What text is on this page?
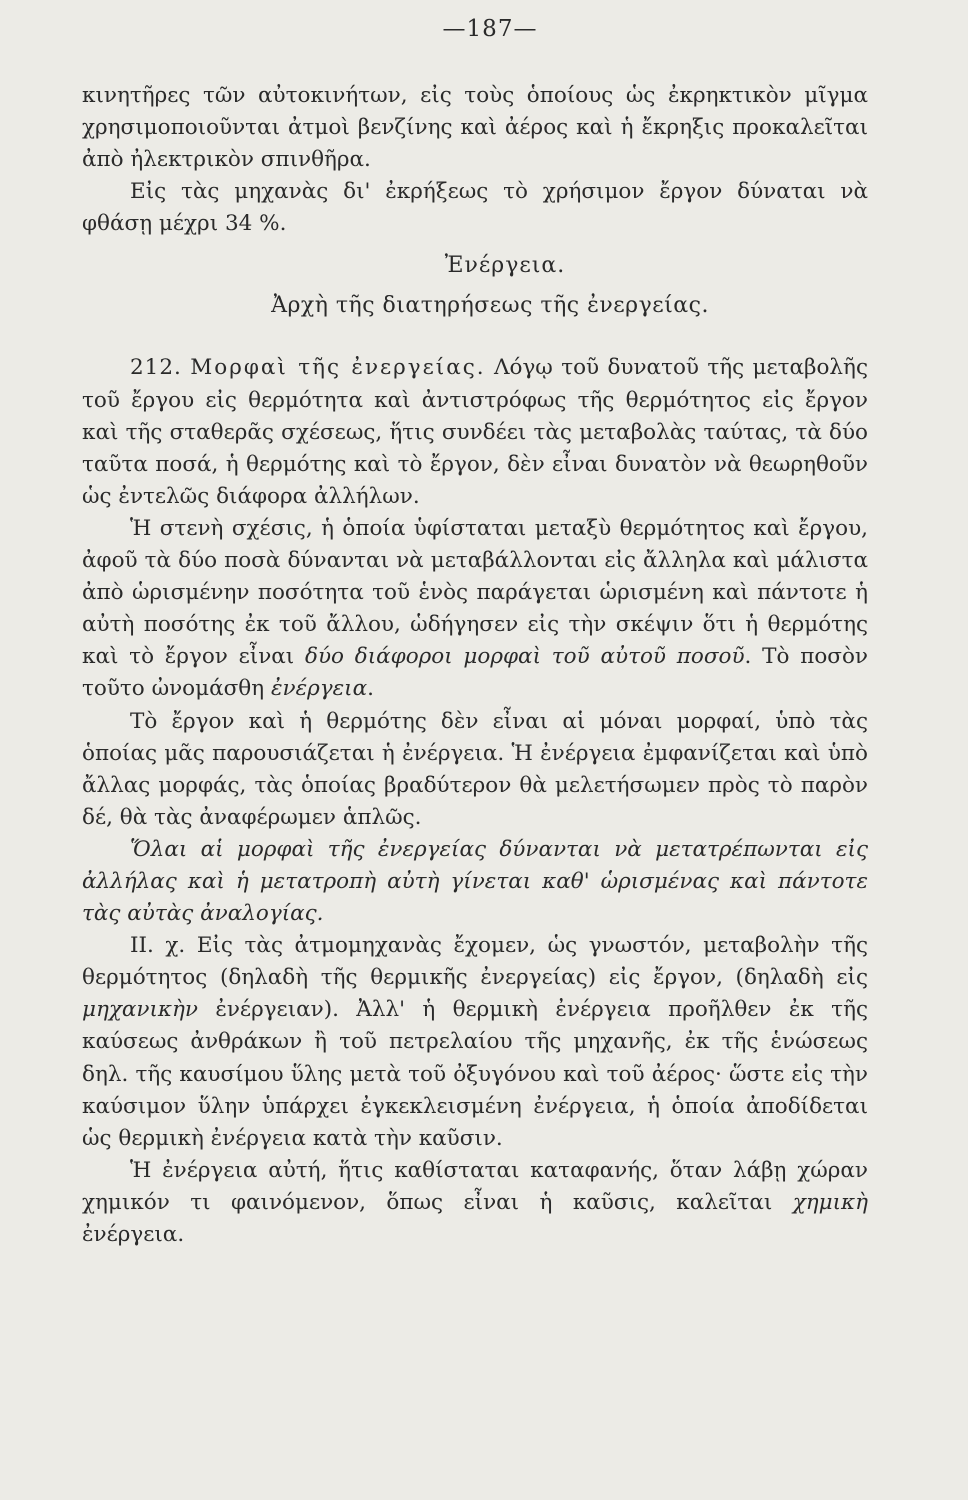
—187—

κινητῆρες τῶν αὐτοκινήτων, εἰς τοὺς ὁποίους ὡς ἐκρηκτικὸν μῖγμα χρησιμοποιοῦνται ἀτμοὶ βενζίνης καὶ ἀέρος καὶ ἡ ἔκρηξις προκαλεῖται ἀπὸ ἠλεκτρικὸν σπινθῆρα.

Εἰς τὰς μηχανὰς δι' ἐκρήξεως τὸ χρήσιμον ἔργον δύναται νὰ φθάσῃ μέχρι 34 %.

Ἐνέργεια.
Ἀρχὴ τῆς διατηρήσεως τῆς ἐνεργείας.

212. Μορφαὶ τῆς ἐνεργείας. Λόγῳ τοῦ δυνατοῦ τῆς μεταβολῆς τοῦ ἔργου εἰς θερμότητα καὶ ἀντιστρόφως τῆς θερμότητος εἰς ἔργον καὶ τῆς σταθερᾶς σχέσεως, ἥτις συνδέει τὰς μεταβολὰς ταύτας, τὰ δύο ταῦτα ποσά, ἡ θερμότης καὶ τὸ ἔργον, δὲν εἶναι δυνατὸν νὰ θεωρηθοῦν ὡς ἐντελῶς διάφορα ἀλλήλων.

Ἡ στενὴ σχέσις, ἡ ὁποία ὑφίσταται μεταξὺ θερμότητος καὶ ἔργου, ἀφοῦ τὰ δύο ποσὰ δύνανται νὰ μεταβάλλονται εἰς ἄλληλα καὶ μάλιστα ἀπὸ ὡρισμένην ποσότητα τοῦ ἑνὸς παράγεται ὡρισμένη καὶ πάντοτε ἡ αὐτὴ ποσότης ἐκ τοῦ ἄλλου, ὡδήγησεν εἰς τὴν σκέψιν ὅτι ἡ θερμότης καὶ τὸ ἔργον εἶναι δύο διάφοροι μορφαὶ τοῦ αὐτοῦ ποσοῦ. Τὸ ποσὸν τοῦτο ὠνομάσθη ἐνέργεια.

Τὸ ἔργον καὶ ἡ θερμότης δὲν εἶναι αἱ μόναι μορφαί, ὑπὸ τὰς ὁποίας μᾶς παρουσιάζεται ἡ ἐνέργεια. Ἡ ἐνέργεια ἐμφανίζεται καὶ ὑπὸ ἄλλας μορφάς, τὰς ὁποίας βραδύτερον θὰ μελετήσωμεν πρὸς τὸ παρὸν δέ, θὰ τὰς ἀναφέρωμεν ἁπλῶς.

Ὅλαι αἱ μορφαὶ τῆς ἐνεργείας δύνανται νὰ μετατρέπωνται εἰς ἀλλήλας καὶ ἡ μετατροπὴ αὐτὴ γίνεται καθ' ὡρισμένας καὶ πάντοτε τὰς αὐτὰς ἀναλογίας.

II. χ. Εἰς τὰς ἀτμομηχανὰς ἔχομεν, ὡς γνωστόν, μεταβολὴν τῆς θερμότητος (δηλαδὴ τῆς θερμικῆς ἐνεργείας) εἰς ἔργον, (δηλαδὴ εἰς μηχανικὴν ἐνέργειαν). Ἀλλ' ἡ θερμικὴ ἐνέργεια προῆλθεν ἐκ τῆς καύσεως ἀνθράκων ἢ τοῦ πετρελαίου τῆς μηχανῆς, ἐκ τῆς ἑνώσεως δηλ. τῆς καυσίμου ὕλης μετὰ τοῦ ὀξυγόνου καὶ τοῦ ἀέρος· ὥστε εἰς τὴν καύσιμον ὕλην ὑπάρχει ἐγκεκλεισμένη ἐνέργεια, ἡ ὁποία ἀποδίδεται ὡς θερμικὴ ἐνέργεια κατὰ τὴν καῦσιν.

Ἡ ἐνέργεια αὐτή, ἥτις καθίσταται καταφανής, ὅταν λάβῃ χώραν χημικόν τι φαινόμενον, ὅπως εἶναι ἡ καῦσις, καλεῖται χημικὴ ἐνέργεια.
